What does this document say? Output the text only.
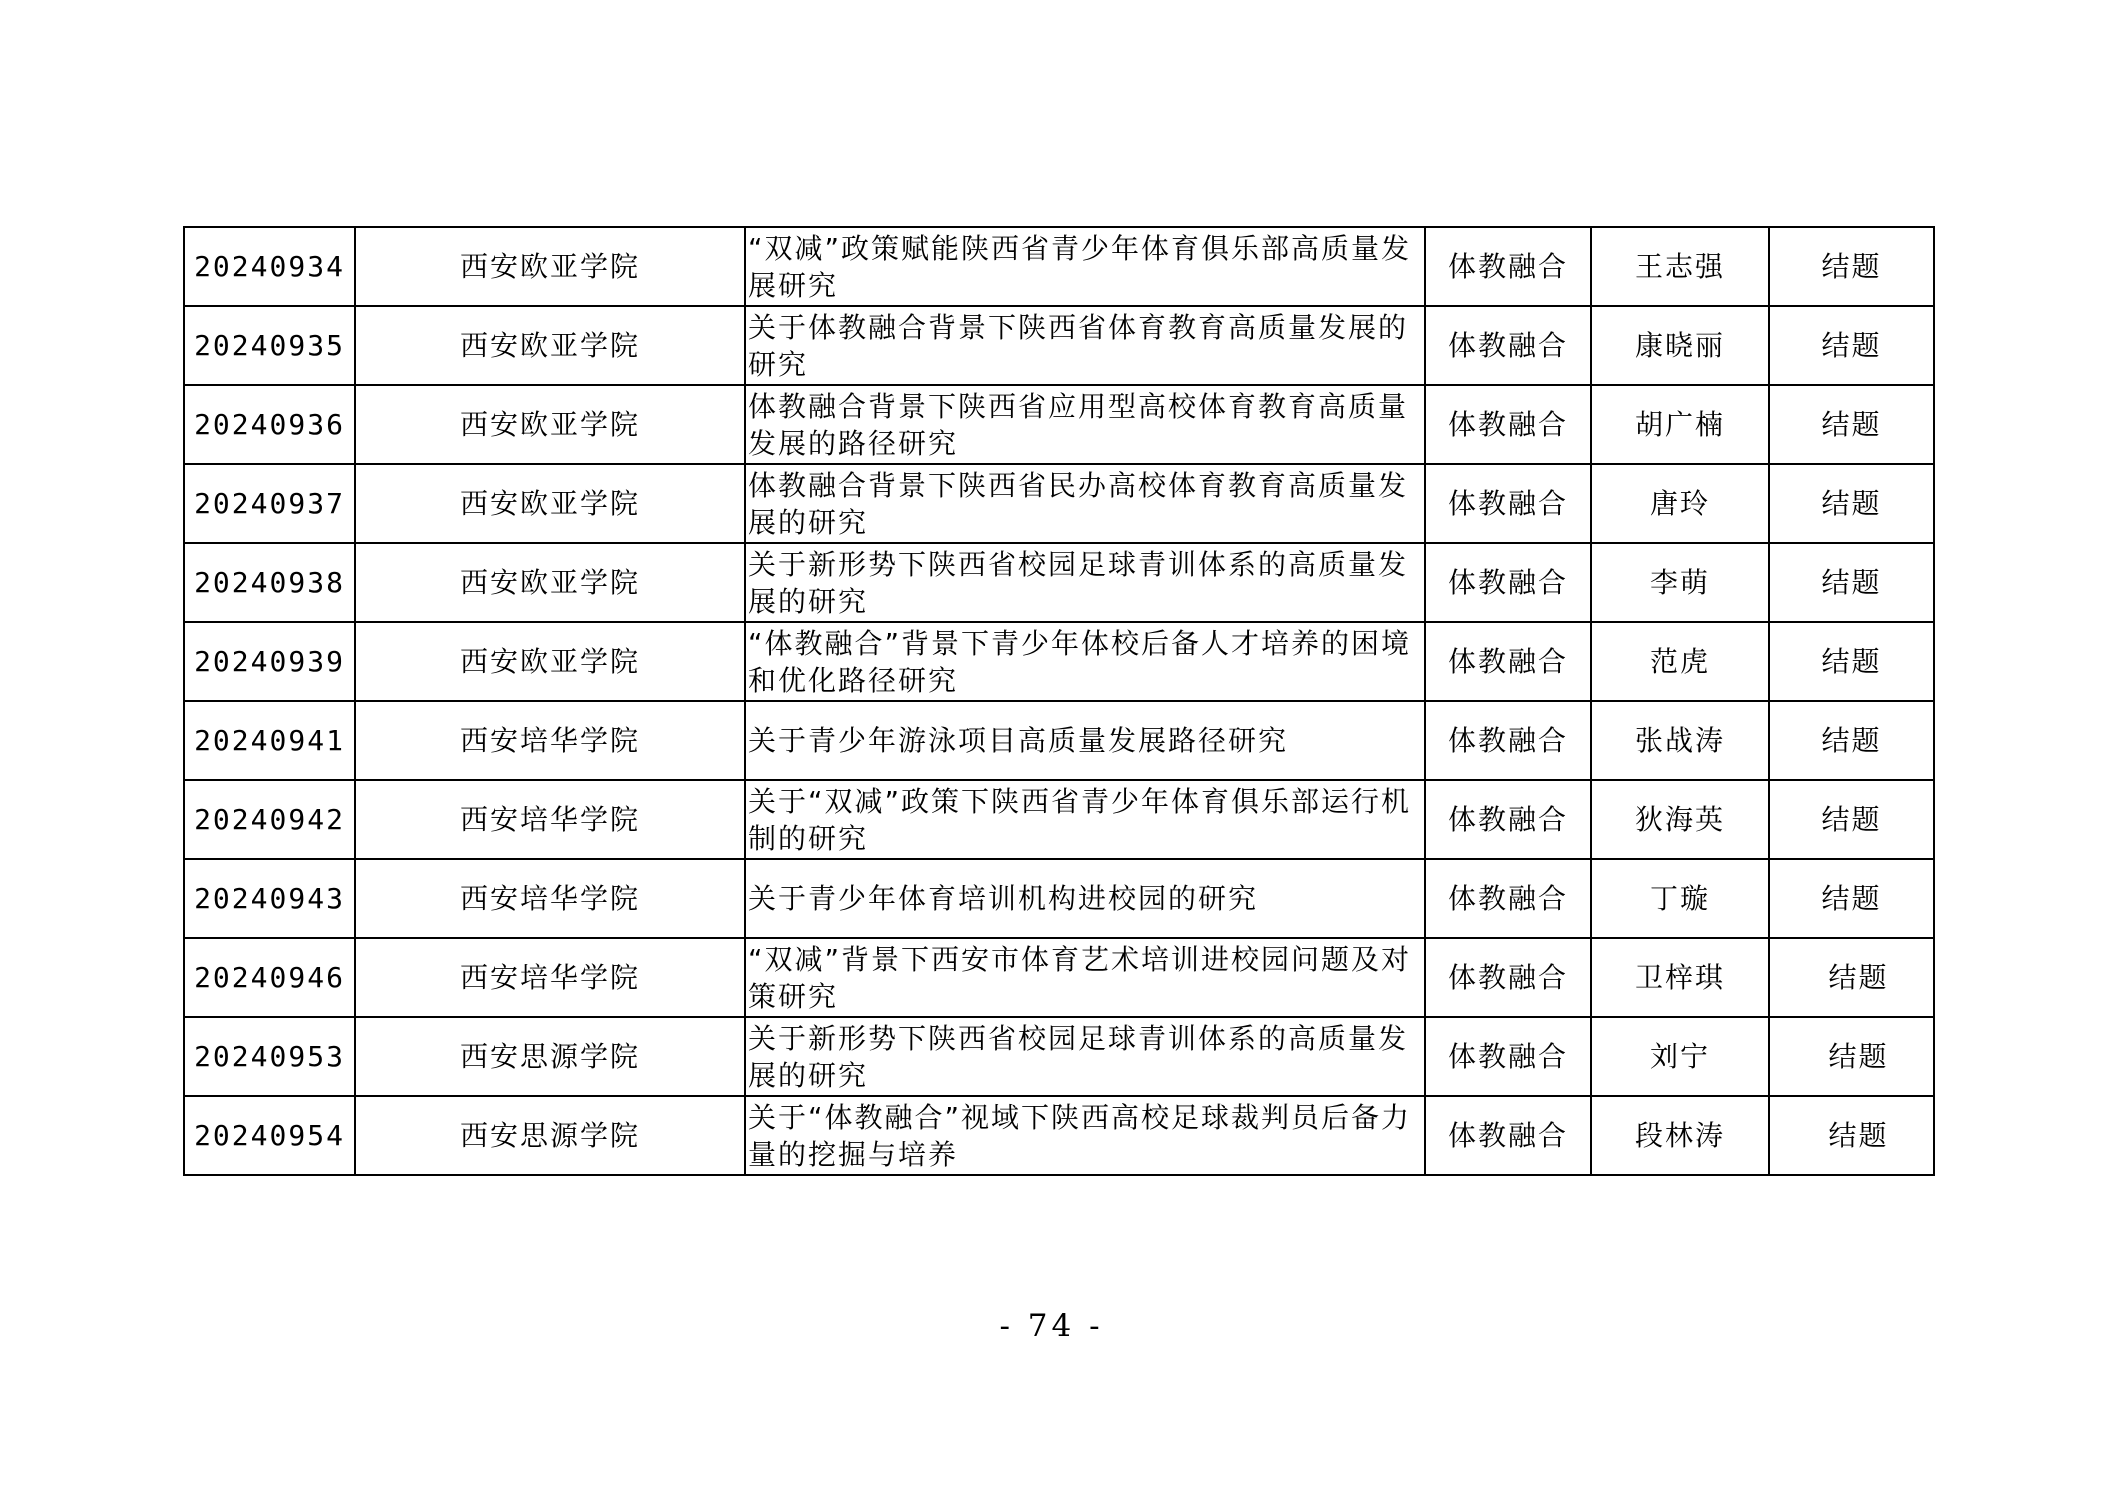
20240934	西安欧亚学院	“双减”政策赋能陕西省青少年体育俱乐部高质量发展研究	体教融合	王志强	结题
20240935	西安欧亚学院	关于体教融合背景下陕西省体育教育高质量发展的研究	体教融合	康晓丽	结题
20240936	西安欧亚学院	体教融合背景下陕西省应用型高校体育教育高质量发展的路径研究	体教融合	胡广楠	结题
20240937	西安欧亚学院	体教融合背景下陕西省民办高校体育教育高质量发展的研究	体教融合	唐玲	结题
20240938	西安欧亚学院	关于新形势下陕西省校园足球青训体系的高质量发展的研究	体教融合	李萌	结题
20240939	西安欧亚学院	“体教融合”背景下青少年体校后备人才培养的困境和优化路径研究	体教融合	范虎	结题
20240941	西安培华学院	关于青少年游泳项目高质量发展路径研究	体教融合	张战涛	结题
20240942	西安培华学院	关于“双减”政策下陕西省青少年体育俱乐部运行机制的研究	体教融合	狄海英	结题
20240943	西安培华学院	关于青少年体育培训机构进校园的研究	体教融合	丁璇	结题
20240946	西安培华学院	“双减”背景下西安市体育艺术培训进校园问题及对策研究	体教融合	卫梓琪	结题
20240953	西安思源学院	关于新形势下陕西省校园足球青训体系的高质量发展的研究	体教融合	刘宁	结题
20240954	西安思源学院	关于“体教融合”视域下陕西高校足球裁判员后备力量的挖掘与培养	体教融合	段林涛	结题
- 74 -
